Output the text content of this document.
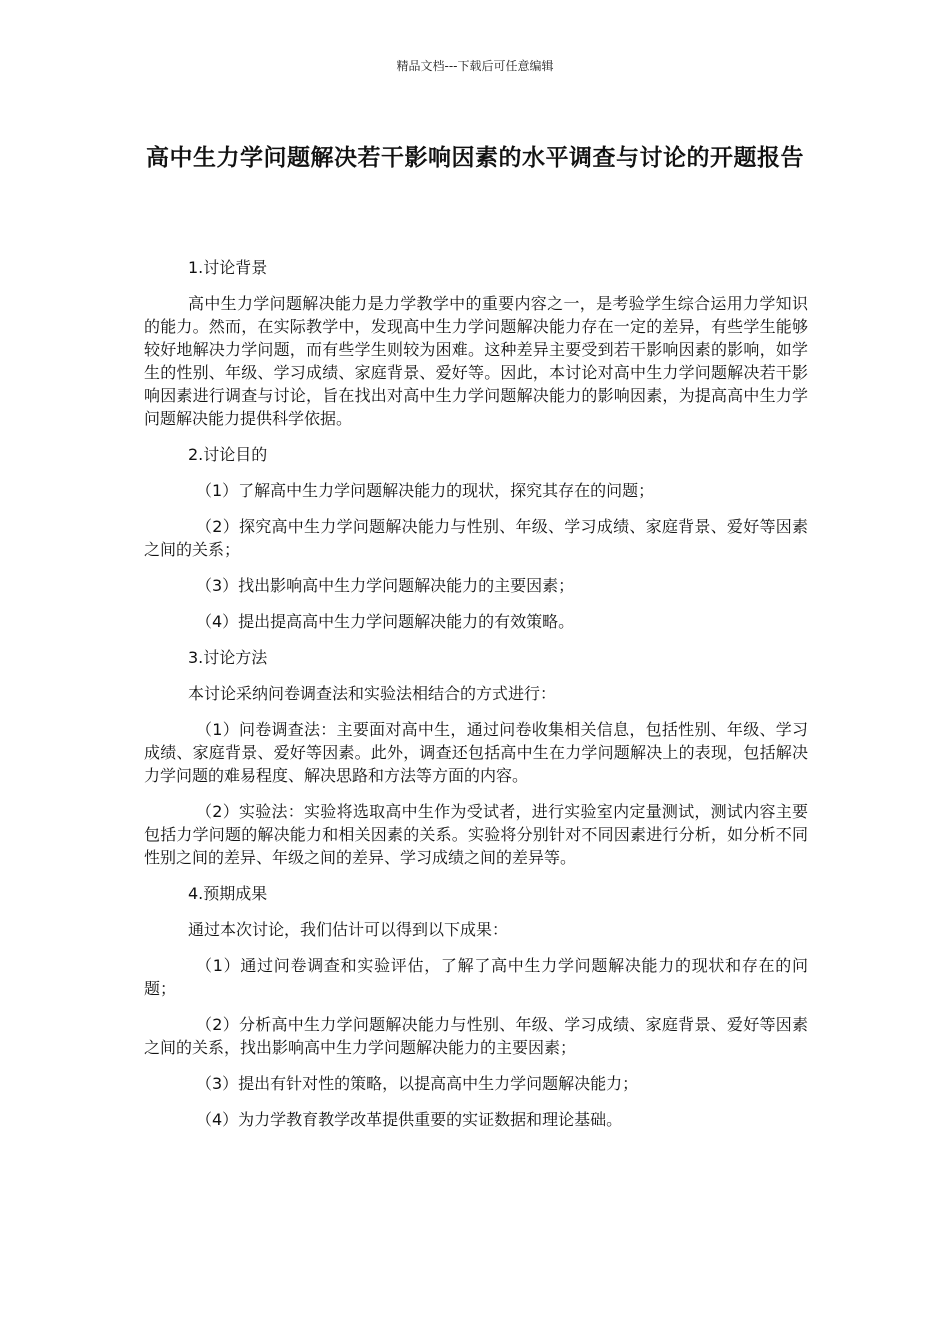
精品文档---下载后可任意编辑
高中生力学问题解决若干影响因素的水平调查与讨论的开题报告

1.讨论背景

高中生力学问题解决能力是力学教学中的重要内容之一，是考验学生综合运用力学知识的能力。然而，在实际教学中，发现高中生力学问题解决能力存在一定的差异，有些学生能够较好地解决力学问题，而有些学生则较为困难。这种差异主要受到若干影响因素的影响，如学生的性别、年级、学习成绩、家庭背景、爱好等。因此，本讨论对高中生力学问题解决若干影响因素进行调查与讨论，旨在找出对高中生力学问题解决能力的影响因素，为提高高中生力学问题解决能力提供科学依据。

2.讨论目的

（1）了解高中生力学问题解决能力的现状，探究其存在的问题；

（2）探究高中生力学问题解决能力与性别、年级、学习成绩、家庭背景、爱好等因素之间的关系；

（3）找出影响高中生力学问题解决能力的主要因素；

（4）提出提高高中生力学问题解决能力的有效策略。

3.讨论方法

本讨论采纳问卷调查法和实验法相结合的方式进行：

（1）问卷调查法：主要面对高中生，通过问卷收集相关信息，包括性别、年级、学习成绩、家庭背景、爱好等因素。此外，调查还包括高中生在力学问题解决上的表现，包括解决力学问题的难易程度、解决思路和方法等方面的内容。

（2）实验法：实验将选取高中生作为受试者，进行实验室内定量测试，测试内容主要包括力学问题的解决能力和相关因素的关系。实验将分别针对不同因素进行分析，如分析不同性别之间的差异、年级之间的差异、学习成绩之间的差异等。

4.预期成果

通过本次讨论，我们估计可以得到以下成果：

（1）通过问卷调查和实验评估，了解了高中生力学问题解决能力的现状和存在的问题；

（2）分析高中生力学问题解决能力与性别、年级、学习成绩、家庭背景、爱好等因素之间的关系，找出影响高中生力学问题解决能力的主要因素；

（3）提出有针对性的策略，以提高高中生力学问题解决能力；

（4）为力学教育教学改革提供重要的实证数据和理论基础。
